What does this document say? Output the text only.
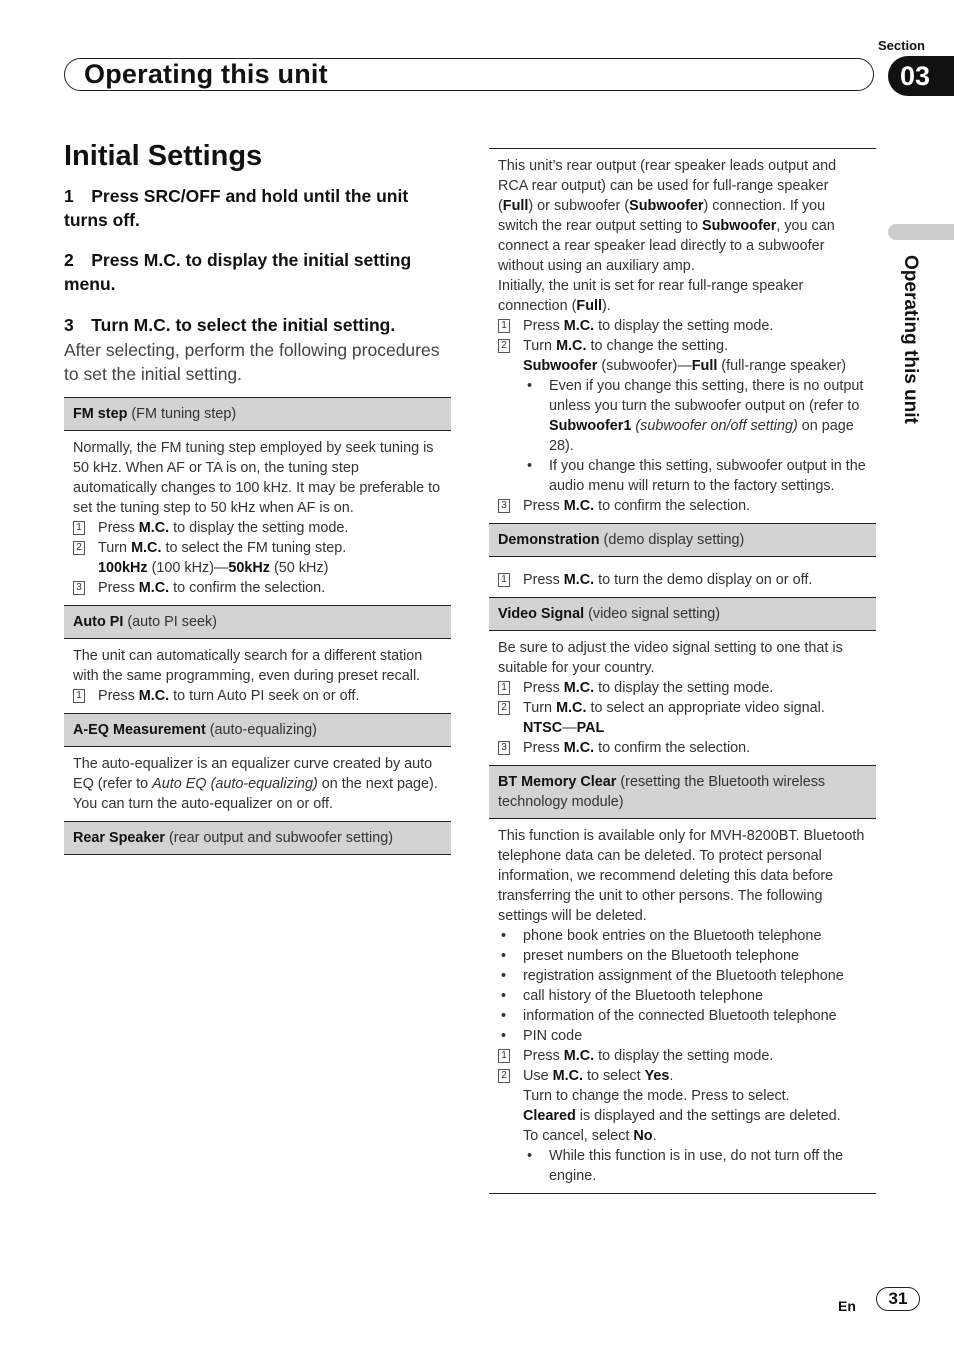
Section
Operating this unit	03
Operating this unit
Initial Settings
1 Press SRC/OFF and hold until the unit turns off.
2 Press M.C. to display the initial setting menu.
3 Turn M.C. to select the initial setting.
After selecting, perform the following procedures to set the initial setting.
FM step (FM tuning step)

Normally, the FM tuning step employed by seek tuning is 50 kHz. When AF or TA is on, the tuning step automatically changes to 100 kHz. It may be preferable to set the tuning step to 50 kHz when AF is on.

1 Press M.C. to display the setting mode.
2 Turn M.C. to select the FM tuning step.
100kHz (100 kHz)—50kHz (50 kHz)
3 Press M.C. to confirm the selection.
Auto PI (auto PI seek)

The unit can automatically search for a different station with the same programming, even during preset recall.

1 Press M.C. to turn Auto PI seek on or off.
A-EQ Measurement (auto-equalizing)

The auto-equalizer is an equalizer curve created by auto EQ (refer to Auto EQ (auto-equalizing) on the next page).

You can turn the auto-equalizer on or off.

Rear Speaker (rear output and subwoofer setting)

This unit’s rear output (rear speaker leads output and RCA rear output) can be used for full-range speaker (Full) or subwoofer (Subwoofer) connection. If you switch the rear output setting to Subwoofer, you can connect a rear speaker lead directly to a subwoofer without using an auxiliary amp.

Initially, the unit is set for rear full-range speaker connection (Full).

1 Press M.C. to display the setting mode.
2 Turn M.C. to change the setting.
Subwoofer (subwoofer)—Full (full-range speaker)
• Even if you change this setting, there is no output unless you turn the subwoofer output on (refer to Subwoofer1 (subwoofer on/off setting) on page 28).
• If you change this setting, subwoofer output in the audio menu will return to the factory settings.
3 Press M.C. to confirm the selection.
Demonstration (demo display setting)
1 Press M.C. to turn the demo display on or off.
Video Signal (video signal setting)

Be sure to adjust the video signal setting to one that is suitable for your country.

1 Press M.C. to display the setting mode.
2 Turn M.C. to select an appropriate video signal.
NTSC—PAL
3 Press M.C. to confirm the selection.
BT Memory Clear (resetting the Bluetooth wireless technology module)

This function is available only for MVH-8200BT. Bluetooth telephone data can be deleted. To protect personal information, we recommend deleting this data before transferring the unit to other persons. The following settings will be deleted.

• phone book entries on the Bluetooth telephone
• preset numbers on the Bluetooth telephone
• registration assignment of the Bluetooth telephone
• call history of the Bluetooth telephone
• information of the connected Bluetooth telephone
• PIN code
1 Press M.C. to display the setting mode.
2 Use M.C. to select Yes.
Turn to change the mode. Press to select.
Cleared is displayed and the settings are deleted.
To cancel, select No.
• While this function is in use, do not turn off the engine.
En	31
